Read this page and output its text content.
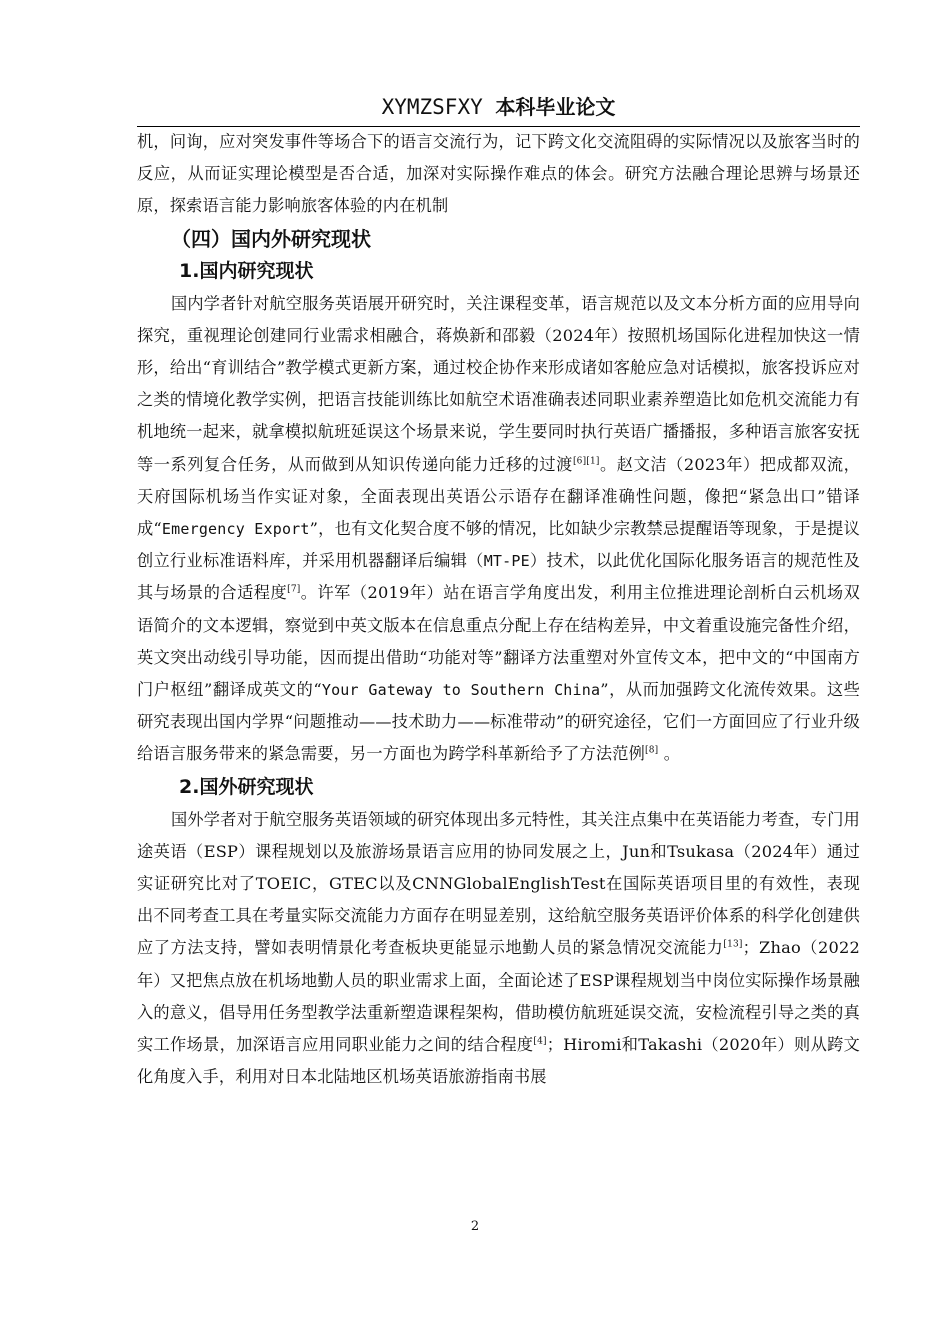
XYMZSFXY 本科毕业论文

机，问询，应对突发事件等场合下的语言交流行为，记下跨文化交流阻碍的实际情况以及旅客当时的反应，从而证实理论模型是否合适，加深对实际操作难点的体会。研究方法融合理论思辨与场景还原，探索语言能力影响旅客体验的内在机制

（四）国内外研究现状
1.国内研究现状

国内学者针对航空服务英语展开研究时，关注课程变革，语言规范以及文本分析方面的应用导向探究，重视理论创建同行业需求相融合，蒋焕新和邵毅（2024年）按照机场国际化进程加快这一情形，给出“育训结合”教学模式更新方案，通过校企协作来形成诸如客舱应急对话模拟，旅客投诉应对之类的情境化教学实例，把语言技能训练比如航空术语准确表述同职业素养塑造比如危机交流能力有机地统一起来，就拿模拟航班延误这个场景来说，学生要同时执行英语广播播报，多种语言旅客安抚等一系列复合任务，从而做到从知识传递向能力迁移的过渡[6][1]。赵文洁（2023年）把成都双流，天府国际机场当作实证对象，全面表现出英语公示语存在翻译准确性问题，像把“紧急出口”错译成“Emergency Export”，也有文化契合度不够的情况，比如缺少宗教禁忌提醒语等现象，于是提议创立行业标准语料库，并采用机器翻译后编辑（MT-PE）技术，以此优化国际化服务语言的规范性及其与场景的合适程度[7]。许军（2019年）站在语言学角度出发，利用主位推进理论剖析白云机场双语简介的文本逻辑，察觉到中英文版本在信息重点分配上存在结构差异，中文着重设施完备性介绍，英文突出动线引导功能，因而提出借助“功能对等”翻译方法重塑对外宣传文本，把中文的“中国南方门户枢纽”翻译成英文的“Your Gateway to Southern China”，从而加强跨文化流传效果。这些研究表现出国内学界“问题推动——技术助力——标准带动”的研究途径，它们一方面回应了行业升级给语言服务带来的紧急需要，另一方面也为跨学科革新给予了方法范例[8] 。

2.国外研究现状

国外学者对于航空服务英语领域的研究体现出多元特性，其关注点集中在英语能力考查，专门用途英语（ESP）课程规划以及旅游场景语言应用的协同发展之上，Jun和Tsukasa（2024年）通过实证研究比对了TOEIC，GTEC以及CNNGlobalEnglishTest在国际英语项目里的有效性，表现出不同考查工具在考量实际交流能力方面存在明显差别，这给航空服务英语评价体系的科学化创建供应了方法支持，譬如表明情景化考查板块更能显示地勤人员的紧急情况交流能力[13]；Zhao（2022年）又把焦点放在机场地勤人员的职业需求上面，全面论述了ESP课程规划当中岗位实际操作场景融入的意义，倡导用任务型教学法重新塑造课程架构，借助模仿航班延误交流，安检流程引导之类的真实工作场景，加深语言应用同职业能力之间的结合程度[4]；Hiromi和Takashi（2020年）则从跨文化角度入手，利用对日本北陆地区机场英语旅游指南书展

2
